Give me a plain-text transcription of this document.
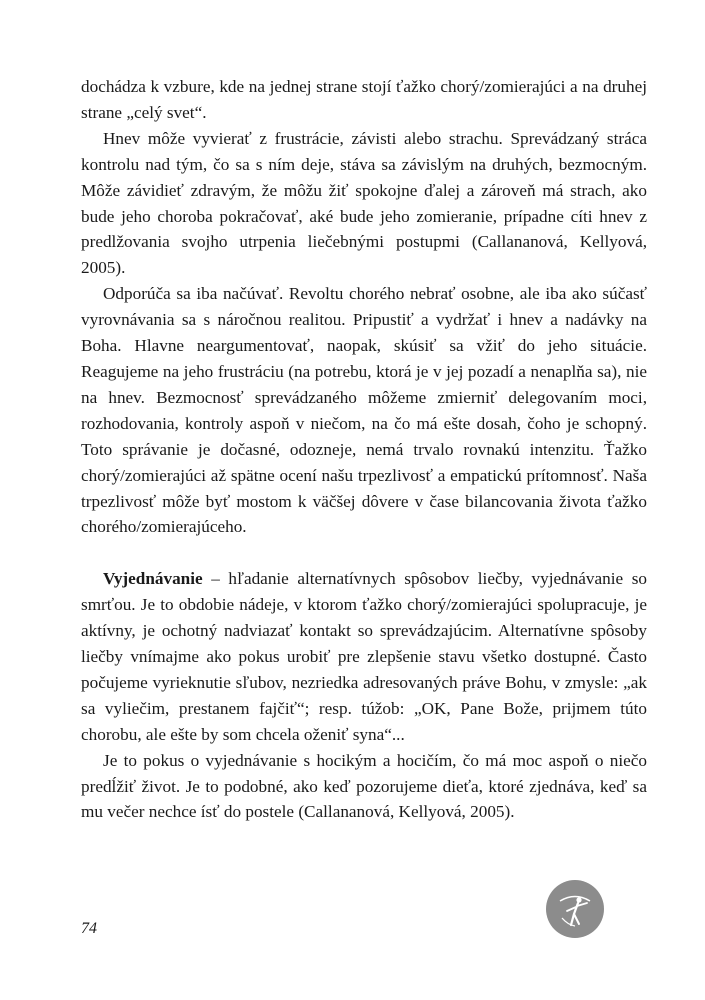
dochádza k vzbure, kde na jednej strane stojí ťažko chorý/zomierajúci a na druhej strane „celý svet“.

Hnev môže vyvierať z frustrácie, závisti alebo strachu. Sprevádzaný stráca kontrolu nad tým, čo sa s ním deje, stáva sa závislým na druhých, bezmocným. Môže závidieť zdravým, že môžu žiť spokojne ďalej a zároveň má strach, ako bude jeho choroba pokračovať, aké bude jeho zomieranie, prípadne cíti hnev z predlžovania svojho utrpenia liečebnými postupmi (Callananová, Kellyová, 2005).

Odporúča sa iba načúvať. Revoltu chorého nebrať osobne, ale iba ako súčasť vyrovnávania sa s náročnou realitou. Pripustiť a vydržať i hnev a nadávky na Boha. Hlavne neargumentovať, naopak, skúsiť sa vžiť do jeho situácie. Reagujeme na jeho frustráciu (na potrebu, ktorá je v jej pozadí a nenaplňa sa), nie na hnev. Bezmocnosť sprevádzaného môžeme zmierniť delegovaním moci, rozhodovania, kontroly aspoň v niečom, na čo má ešte dosah, čoho je schopný. Toto správanie je dočasné, odozneje, nemá trvalo rovnakú intenzitu. Ťažko chorý/zomierajúci až spätne ocení našu trpezlivosť a empatickú prítomnosť. Naša trpezlivosť môže byť mostom k väčšej dôvere v čase bilancovania života ťažko chorého/zomierajúceho.

Vyjednávanie – hľadanie alternatívnych spôsobov liečby, vyjednávanie so smrťou. Je to obdobie nádeje, v ktorom ťažko chorý/zomierajúci spolupracuje, je aktívny, je ochotný nadviazať kontakt so sprevádzajúcim. Alternatívne spôsoby liečby vnímajme ako pokus urobiť pre zlepšenie stavu všetko dostupné. Často počujeme vyrieknutie sľubov, nezriedka adresovaných práve Bohu, v zmysle: „ak sa vyliečim, prestanem fajčiť“; resp. túžob: „OK, Pane Bože, prijmem túto chorobu, ale ešte by som chcela oženiť syna“...

Je to pokus o vyjednávanie s hocikým a hocičím, čo má moc aspoň o niečo predĺžiť život. Je to podobné, ako keď pozorujeme dieťa, ktoré zjednáva, keď sa mu večer nechce ísť do postele (Callananová, Kellyová, 2005).

74
